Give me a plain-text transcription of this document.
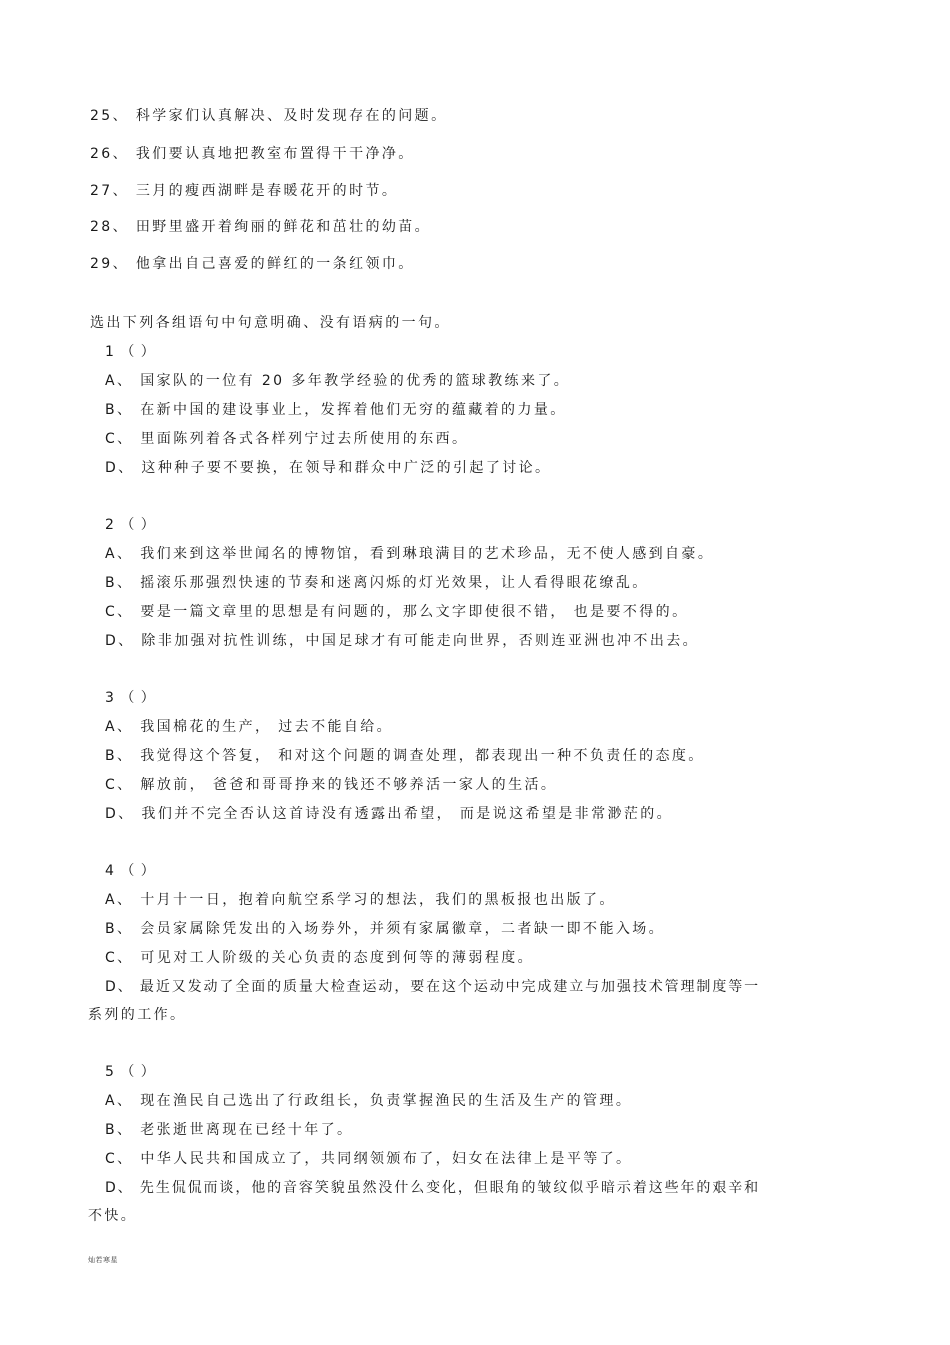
25、 科学家们认真解决、及时发现存在的问题。
26、 我们要认真地把教室布置得干干净净。
27、 三月的瘦西湖畔是春暖花开的时节。
28、 田野里盛开着绚丽的鲜花和茁壮的幼苗。
29、 他拿出自己喜爱的鲜红的一条红领巾。
选出下列各组语句中句意明确、没有语病的一句。
1 （ ）
A、 国家队的一位有 20 多年教学经验的优秀的篮球教练来了。
B、 在新中国的建设事业上，发挥着他们无穷的蕴藏着的力量。
C、 里面陈列着各式各样列宁过去所使用的东西。
D、 这种种子要不要换，在领导和群众中广泛的引起了讨论。
2 （ ）
A、 我们来到这举世闻名的博物馆，看到琳琅满目的艺术珍品，无不使人感到自豪。
B、 摇滚乐那强烈快速的节奏和迷离闪烁的灯光效果，让人看得眼花缭乱。
C、 要是一篇文章里的思想是有问题的，那么文字即使很不错， 也是要不得的。
D、 除非加强对抗性训练，中国足球才有可能走向世界，否则连亚洲也冲不出去。
3 （ ）
A、 我国棉花的生产， 过去不能自给。
B、 我觉得这个答复， 和对这个问题的调查处理，都表现出一种不负责任的态度。
C、 解放前， 爸爸和哥哥挣来的钱还不够养活一家人的生活。
D、 我们并不完全否认这首诗没有透露出希望， 而是说这希望是非常渺茫的。
4 （ ）
A、 十月十一日，抱着向航空系学习的想法，我们的黑板报也出版了。
B、 会员家属除凭发出的入场券外，并须有家属徽章，二者缺一即不能入场。
C、 可见对工人阶级的关心负责的态度到何等的薄弱程度。
D、 最近又发动了全面的质量大检查运动，要在这个运动中完成建立与加强技术管理制度等一
系列的工作。
5 （ ）
A、 现在渔民自己选出了行政组长，负责掌握渔民的生活及生产的管理。
B、 老张逝世离现在已经十年了。
C、 中华人民共和国成立了，共同纲领颁布了，妇女在法律上是平等了。
D、 先生侃侃而谈，他的音容笑貌虽然没什么变化，但眼角的皱纹似乎暗示着这些年的艰辛和
不快。
灿若寒星
